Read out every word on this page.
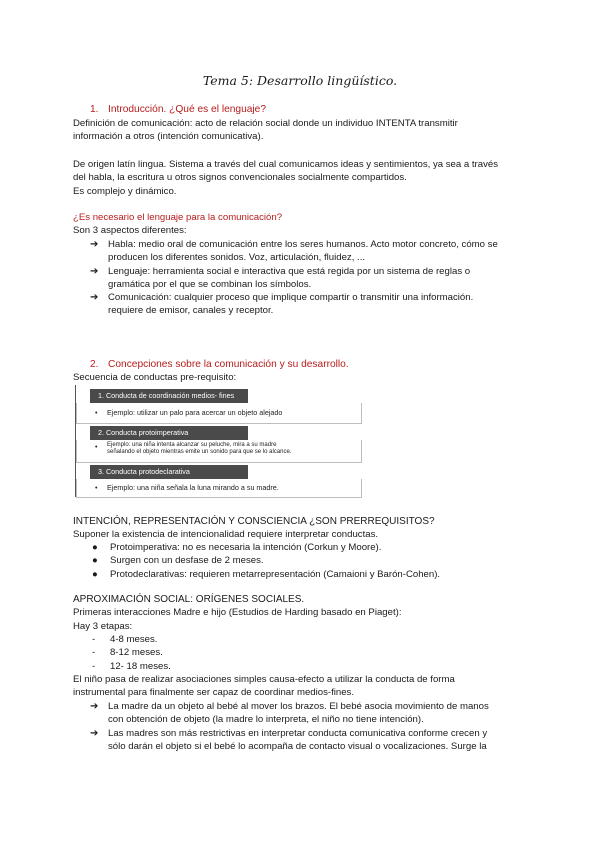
Tema 5: Desarrollo lingüístico.
1. Introducción. ¿Qué es el lenguaje?
Definición de comunicación: acto de relación social donde un individuo INTENTA transmitir
información a otros (intención comunicativa).
De origen latín lingua. Sistema a través del cual comunicamos ideas y sentimientos, ya sea a través
del habla, la escritura u otros signos convencionales socialmente compartidos.
Es complejo y dinámico.
¿Es necesario el lenguaje para la comunicación?
Son 3 aspectos diferentes:
➔ Habla: medio oral de comunicación entre los seres humanos. Acto motor concreto, cómo se
producen los diferentes sonidos. Voz, articulación, fluidez, ...
➔ Lenguaje: herramienta social e interactiva que está regida por un sistema de reglas o
gramática por el que se combinan los símbolos.
➔ Comunicación: cualquier proceso que implique compartir o transmitir una información.
requiere de emisor, canales y receptor.
2. Concepciones sobre la comunicación y su desarrollo.
Secuencia de conductas pre-requisito:
1. Conducta de coordinación medios- fines
• Ejemplo: utilizar un palo para acercar un objeto alejado
2. Conducta protoimperativa
• Ejemplo: una niña intenta alcanzar su peluche, mira a su madre
señalando el objeto mientras emite un sonido para que se lo alcance.
3. Conducta protodeclarativa
• Ejemplo: una niña señala la luna mirando a su madre.
INTENCIÓN, REPRESENTACIÓN Y CONSCIENCIA ¿SON PRERREQUISITOS?
Suponer la existencia de intencionalidad requiere interpretar conductas.
● Protoimperativa: no es necesaria la intención (Corkun y Moore).
● Surgen con un desfase de 2 meses.
● Protodeclarativas: requieren metarrepresentación (Camaioni y Barón-Cohen).
APROXIMACIÓN SOCIAL: ORÍGENES SOCIALES.
Primeras interacciones Madre e hijo (Estudios de Harding basado en Piaget):
Hay 3 etapas:
- 4-8 meses.
- 8-12 meses.
- 12- 18 meses.
El niño pasa de realizar asociaciones simples causa-efecto a utilizar la conducta de forma
instrumental para finalmente ser capaz de coordinar medios-fines.
➔ La madre da un objeto al bebé al mover los brazos. El bebé asocia movimiento de manos
con obtención de objeto (la madre lo interpreta, el niño no tiene intención).
➔ Las madres son más restrictivas en interpretar conducta comunicativa conforme crecen y
sólo darán el objeto si el bebé lo acompaña de contacto visual o vocalizaciones. Surge la
